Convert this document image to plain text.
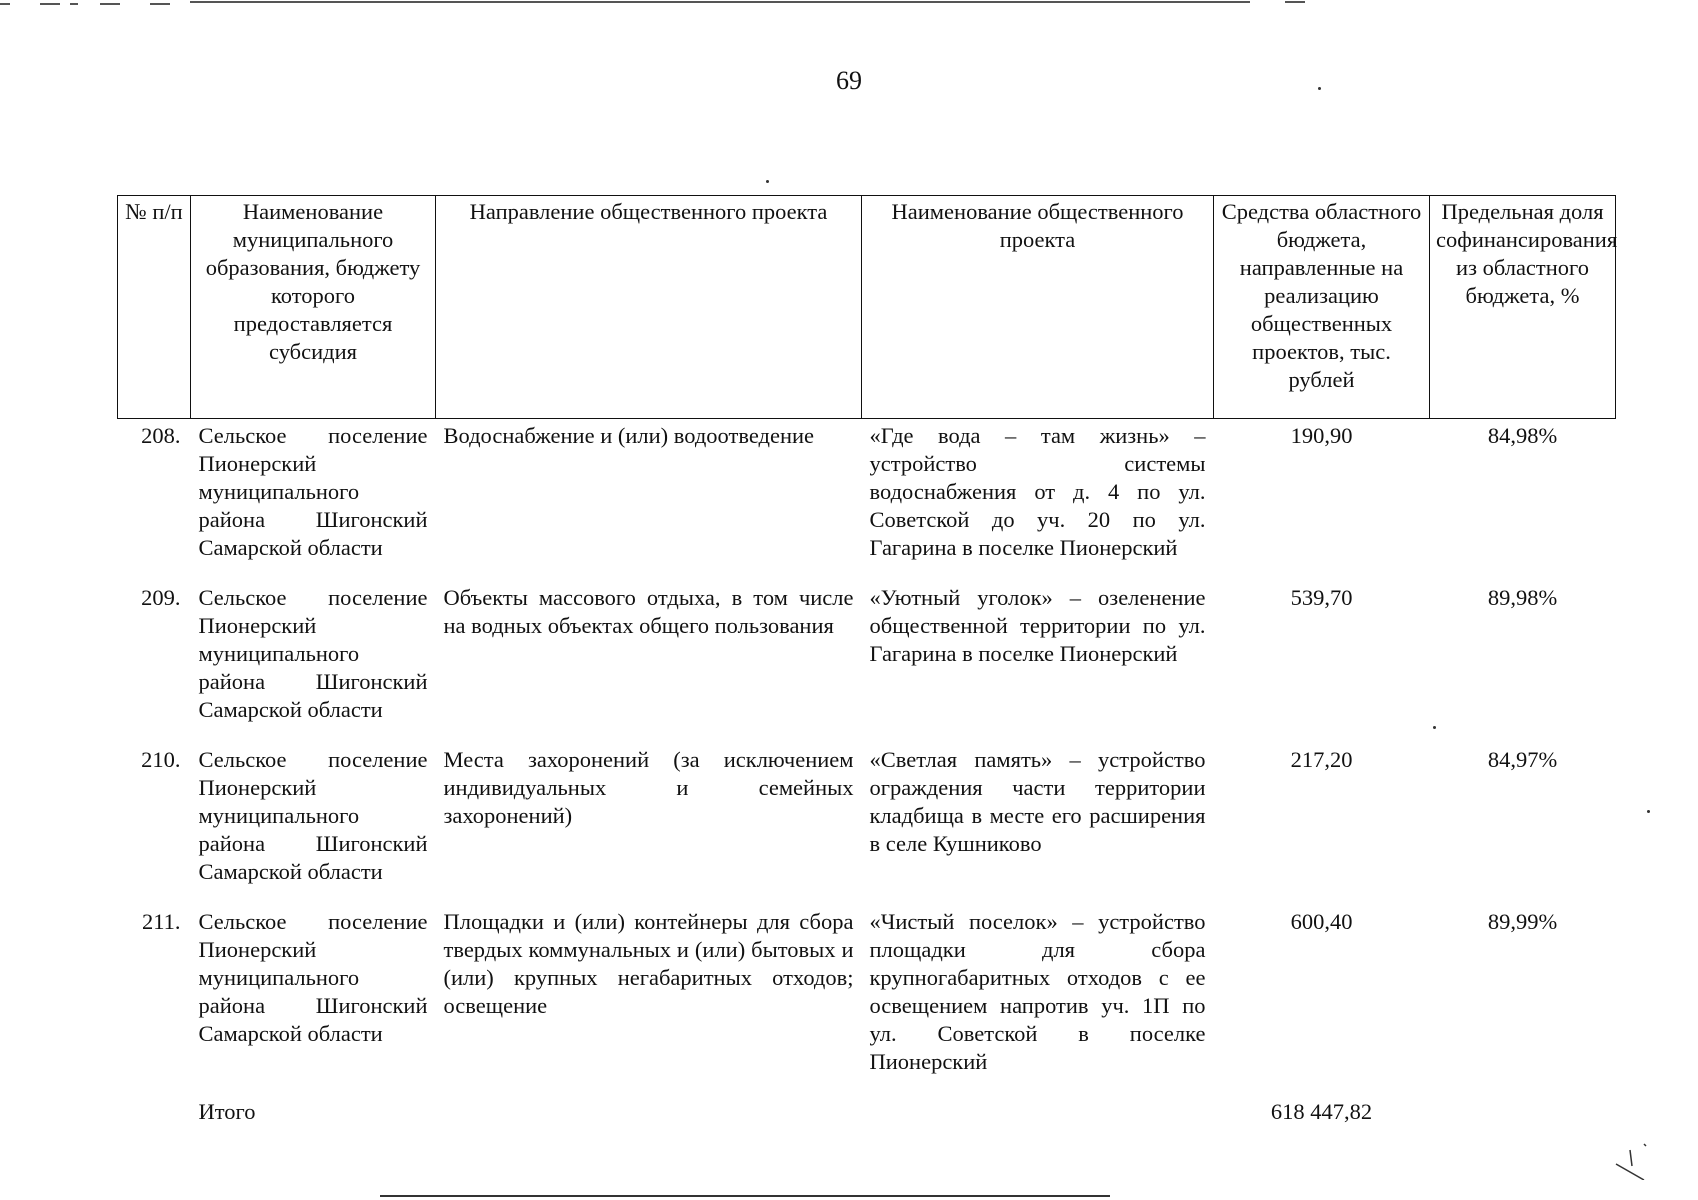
69
№ п/п	Наименование муниципального образования, бюджету которого предоставляется субсидия	Направление общественного проекта	Наименование общественного проекта	Средства областного бюджета, направленные на реализацию общественных проектов, тыс. рублей	Предельная доля софинансирования из областного бюджета, %
208.	Сельское поселение Пионерский муниципального района Шигонский Самарской области	Водоснабжение и (или) водоотведение	«Где вода – там жизнь» – устройство системы водоснабжения от д. 4 по ул. Советской до уч. 20 по ул. Гагарина в поселке Пионерский	190,90	84,98%
209.	Сельское поселение Пионерский муниципального района Шигонский Самарской области	Объекты массового отдыха, в том числе на водных объектах общего пользования	«Уютный уголок» – озеленение общественной территории по ул. Гагарина в поселке Пионерский	539,70	89,98%
210.	Сельское поселение Пионерский муниципального района Шигонский Самарской области	Места захоронений (за исключением индивидуальных и семейных захоронений)	«Светлая память» – устройство ограждения части территории кладбища в месте его расширения в селе Кушниково	217,20	84,97%
211.	Сельское поселение Пионерский муниципального района Шигонский Самарской области	Площадки и (или) контейнеры для сбора твердых коммунальных и (или) бытовых и (или) крупных негабаритных отходов; освещение	«Чистый поселок» – устройство площадки для сбора крупногабаритных отходов с ее освещением напротив уч. 1П по ул. Советской в поселке Пионерский	600,40	89,99%
	Итого			618 447,82	
